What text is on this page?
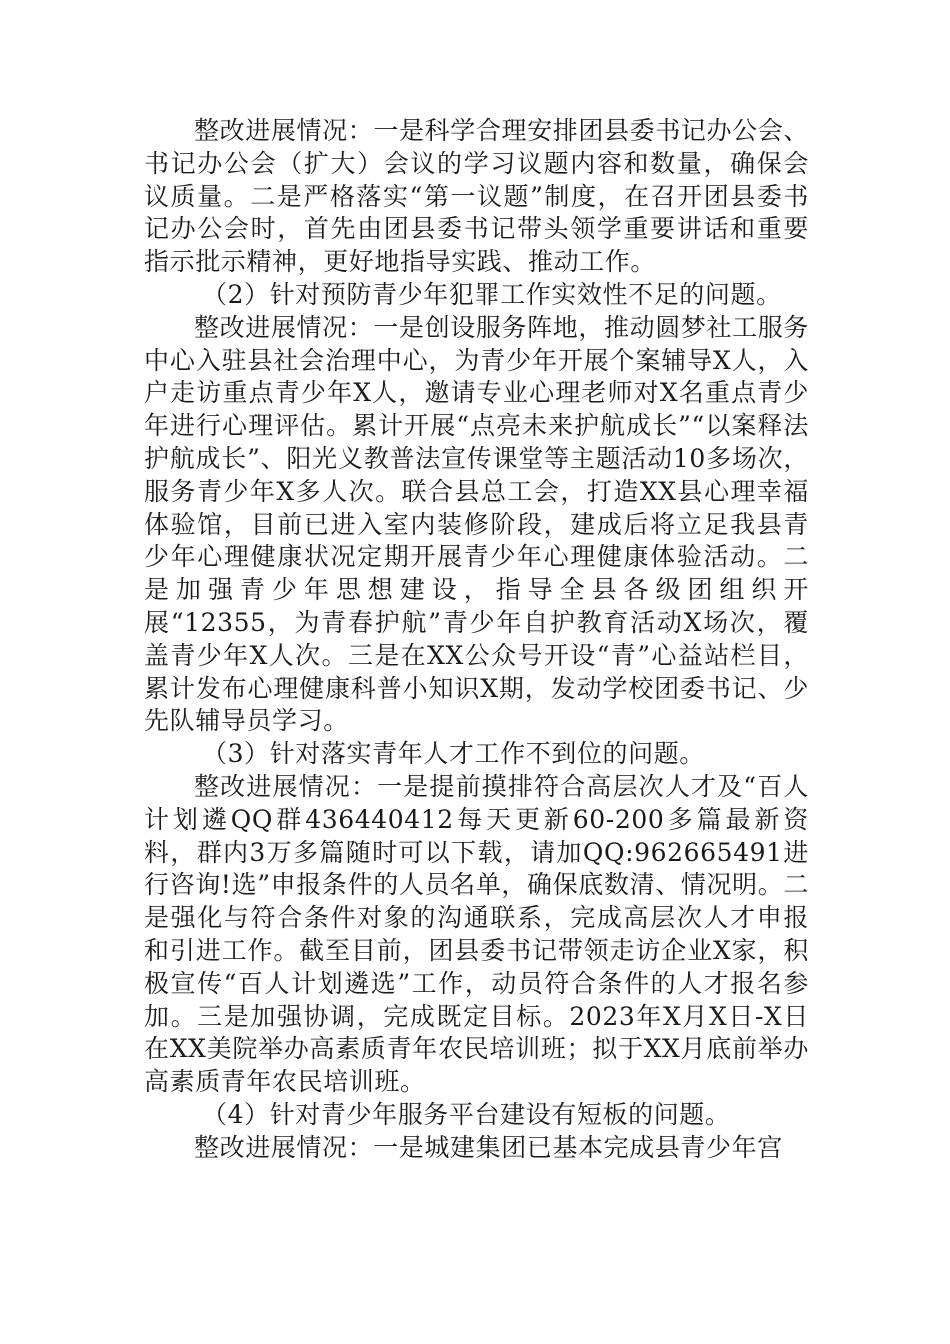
整改进展情况：一是科学合理安排团县委书记办公会、书记办公会（扩大）会议的学习议题内容和数量，确保会议质量。二是严格落实“第一议题”制度，在召开团县委书记办公会时，首先由团县委书记带头领学重要讲话和重要指示批示精神，更好地指导实践、推动工作。

（2）针对预防青少年犯罪工作实效性不足的问题。

整改进展情况：一是创设服务阵地，推动圆梦社工服务中心入驻县社会治理中心，为青少年开展个案辅导X人，入户走访重点青少年X人，邀请专业心理老师对X名重点青少年进行心理评估。累计开展“点亮未来护航成长”“以案释法护航成长”、阳光义教普法宣传课堂等主题活动10多场次，服务青少年X多人次。联合县总工会，打造XX县心理幸福体验馆，目前已进入室内装修阶段，建成后将立足我县青少年心理健康状况定期开展青少年心理健康体验活动。二是加强青少年思想建设，指导全县各级团组织开展“12355，为青春护航”青少年自护教育活动X场次，覆盖青少年X人次。三是在XX公众号开设“青”心益站栏目，累计发布心理健康科普小知识X期，发动学校团委书记、少先队辅导员学习。

（3）针对落实青年人才工作不到位的问题。

整改进展情况：一是提前摸排符合高层次人才及“百人计划遴QQ群436440412每天更新60-200多篇最新资料，群内3万多篇随时可以下载，请加QQ:962665491进行咨询!选”申报条件的人员名单，确保底数清、情况明。二是强化与符合条件对象的沟通联系，完成高层次人才申报和引进工作。截至目前，团县委书记带领走访企业X家，积极宣传“百人计划遴选”工作，动员符合条件的人才报名参加。三是加强协调，完成既定目标。2023年X月X日-X日在XX美院举办高素质青年农民培训班；拟于XX月底前举办高素质青年农民培训班。

（4）针对青少年服务平台建设有短板的问题。

整改进展情况：一是城建集团已基本完成县青少年宫
